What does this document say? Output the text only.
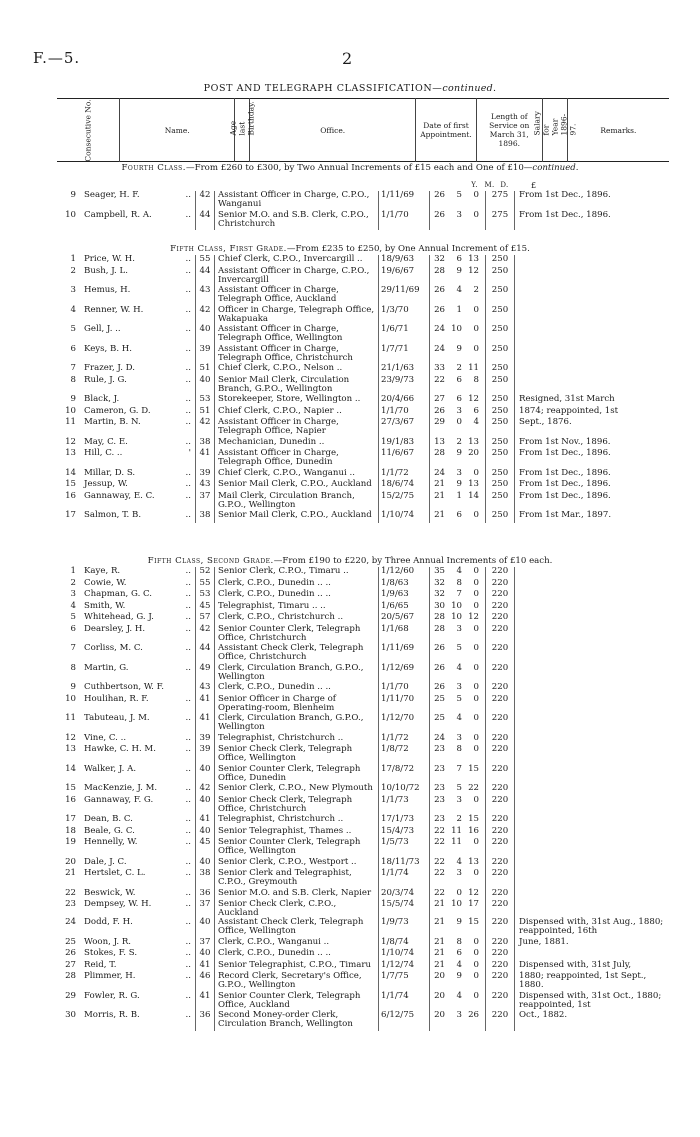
F.—5.	2
POST AND TELEGRAPH CLASSIFICATION—continued.
Consecutive No.	Name.	Age last Birthday.	Office.	Date of first Appointment.	Length of Service on March 31, 1896.	Salary for Year 1896-97.	Remarks.
Y. M. D.	£
Fourth Class.—From £260 to £300, by Two Annual Increments of £15 each and One of £10—continued.
9	Seager, H. F. ..	42	Assistant Officer in Charge, C.P.O., Wanganui	1/11/69	26	5	0	275	From 1st Dec., 1896.
10	Campbell, R. A. ..	44	Senior M.O. and S.B. Clerk, C.P.O., Christchurch	1/1/70	26	3	0	275	From 1st Dec., 1896.
Fifth Class, First Grade.—From £235 to £250, by One Annual Increment of £15.
1	Price, W. H. ..	55	Chief Clerk, C.P.O., Invercargill ..	18/9/63	32	6	13	250	
2	Bush, J. L. ..	44	Assistant Officer in Charge, C.P.O., Invercargill	19/6/67	28	9	12	250	
3	Hemus, H. ..	43	Assistant Officer in Charge, Telegraph Office, Auckland	29/11/69	26	4	2	250	
4	Renner, W. H. ..	42	Officer in Charge, Telegraph Office, Wakapuaka	1/3/70	26	1	0	250	
5	Gell, J. .. ..	40	Assistant Officer in Charge, Telegraph Office, Wellington	1/6/71	24	10	0	250	
6	Keys, B. H. ..	39	Assistant Officer in Charge, Telegraph Office, Christchurch	1/7/71	24	9	0	250	
7	Frazer, J. D. ..	51	Chief Clerk, C.P.O., Nelson ..	21/1/63	33	2	11	250	
8	Rule, J. G. ..	40	Senior Mail Clerk, Circulation Branch, G.P.O., Wellington	23/9/73	22	6	8	250	
9	Black, J. ..	53	Storekeeper, Store, Wellington ..	20/4/66	27	6	12	250	Resigned, 31st March
10	Cameron, G. D. ..	51	Chief Clerk, C.P.O., Napier ..	1/1/70	26	3	6	250	1874; reappointed, 1st
11	Martin, B. N. ..	42	Assistant Officer in Charge, Telegraph Office, Napier	27/3/67	29	0	4	250	Sept., 1876.
12	May, C. E. ..	38	Mechanician, Dunedin ..	19/1/83	13	2	13	250	From 1st Nov., 1896.
13	Hill, C. .. '	41	Assistant Officer in Charge, Telegraph Office, Dunedin	11/6/67	28	9	20	250	From 1st Dec., 1896.
14	Millar, D. S. ..	39	Chief Clerk, C.P.O., Wanganui ..	1/1/72	24	3	0	250	From 1st Dec., 1896.
15	Jessup, W. ..	43	Senior Mail Clerk, C.P.O., Auckland	18/6/74	21	9	13	250	From 1st Dec., 1896.
16	Gannaway, E. C. ..	37	Mail Clerk, Circulation Branch, G.P.O., Wellington	15/2/75	21	1	14	250	From 1st Dec., 1896.
17	Salmon, T. B. ..	38	Senior Mail Clerk, C.P.O., Auckland	1/10/74	21	6	0	250	From 1st Mar., 1897.
Fifth Class, Second Grade.—From £190 to £220, by Three Annual Increments of £10 each.
1	Kaye, R. ..	52	Senior Clerk, C.P.O., Timaru ..	1/12/60	35	4	0	220	
2	Cowie, W. ..	55	Clerk, C.P.O., Dunedin .. ..	1/8/63	32	8	0	220	
3	Chapman, G. C. ..	53	Clerk, C.P.O., Dunedin .. ..	1/9/63	32	7	0	220	
4	Smith, W. ..	45	Telegraphist, Timaru .. ..	1/6/65	30	10	0	220	
5	Whitehead, G. J. ..	57	Clerk, C.P.O., Christchurch ..	20/5/67	28	10	12	220	
6	Dearsley, J. H. ..	42	Senior Counter Clerk, Telegraph Office, Christchurch	1/1/68	28	3	0	220	
7	Corliss, M. C. ..	44	Assistant Check Clerk, Telegraph Office, Christchurch	1/11/69	26	5	0	220	
8	Martin, G. ..	49	Clerk, Circulation Branch, G.P.O., Wellington	1/12/69	26	4	0	220	
9	Cuthbertson, W. F.	43	Clerk, C.P.O., Dunedin .. ..	1/1/70	26	3	0	220	
10	Houlihan, R. F. ..	41	Senior Officer in Charge of Operating-room, Blenheim	1/11/70	25	5	0	220	
11	Tabuteau, J. M. ..	41	Clerk, Circulation Branch, G.P.O., Wellington	1/12/70	25	4	0	220	
12	Vine, C. .. ..	39	Telegraphist, Christchurch ..	1/1/72	24	3	0	220	
13	Hawke, C. H. M. ..	39	Senior Check Clerk, Telegraph Office, Wellington	1/8/72	23	8	0	220	
14	Walker, J. A. ..	40	Senior Counter Clerk, Telegraph Office, Dunedin	17/8/72	23	7	15	220	
15	MacKenzie, J. M. ..	42	Senior Clerk, C.P.O., New Plymouth	10/10/72	23	5	22	220	
16	Gannaway, F. G. ..	40	Senior Check Clerk, Telegraph Office, Christchurch	1/1/73	23	3	0	220	
17	Dean, B. C. ..	41	Telegraphist, Christchurch ..	17/1/73	23	2	15	220	
18	Beale, G. C. ..	40	Senior Telegraphist, Thames ..	15/4/73	22	11	16	220	
19	Hennelly, W. ..	45	Senior Counter Clerk, Telegraph Office, Wellington	1/5/73	22	11	0	220	
20	Dale, J. C. ..	40	Senior Clerk, C.P.O., Westport ..	18/11/73	22	4	13	220	
21	Hertslet, C. L. ..	38	Senior Clerk and Telegraphist, C.P.O., Greymouth	1/1/74	22	3	0	220	
22	Beswick, W. ..	36	Senior M.O. and S.B. Clerk, Napier	20/3/74	22	0	12	220	
23	Dempsey, W. H. ..	37	Senior Check Clerk, C.P.O., Auckland	15/5/74	21	10	17	220	
24	Dodd, F. H. ..	40	Assistant Check Clerk, Telegraph Office, Wellington	1/9/73	21	9	15	220	Dispensed with, 31st Aug., 1880; reappointed, 16th
25	Woon, J. R. ..	37	Clerk, C.P.O., Wanganui ..	1/8/74	21	8	0	220	June, 1881.
26	Stokes, F. S. ..	40	Clerk, C.P.O., Dunedin .. ..	1/10/74	21	6	0	220	
27	Reid, T. ..	41	Senior Telegraphist, C.P.O., Timaru	1/12/74	21	4	0	220	Dispensed with, 31st July,
28	Plimmer, H. ..	46	Record Clerk, Secretary's Office, G.P.O., Wellington	1/7/75	20	9	0	220	1880; reappointed, 1st Sept., 1880.
29	Fowler, R. G. ..	41	Senior Counter Clerk, Telegraph Office, Auckland	1/1/74	20	4	0	220	Dispensed with, 31st Oct., 1880; reappointed, 1st
30	Morris, R. B. ..	36	Second Money-order Clerk, Circulation Branch, Wellington	6/12/75	20	3	26	220	Oct., 1882.
